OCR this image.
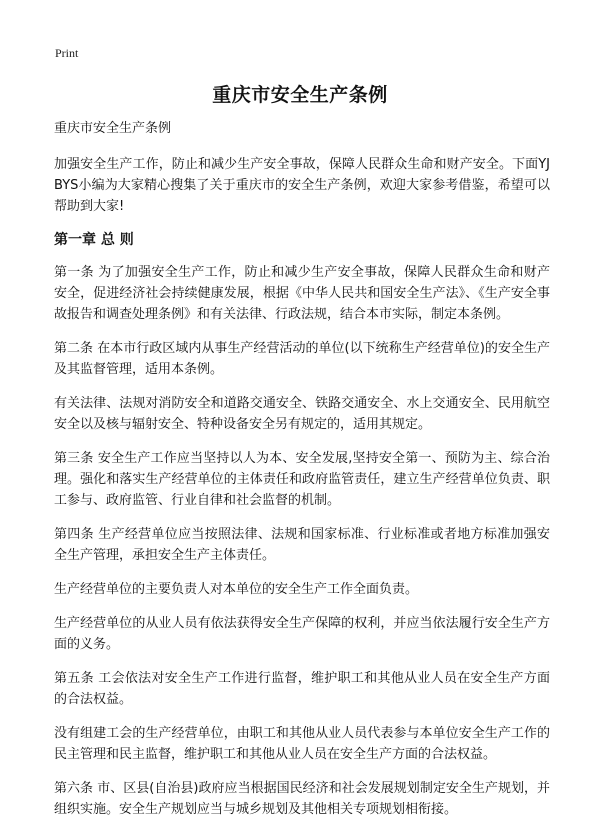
Print
重庆市安全生产条例

重庆市安全生产条例

加强安全生产工作，防止和减少生产安全事故，保障人民群众生命和财产安全。下面YJBYS小编为大家精心搜集了关于重庆市的安全生产条例，欢迎大家参考借鉴，希望可以帮助到大家!

第一章 总 则

第一条 为了加强安全生产工作，防止和减少生产安全事故，保障人民群众生命和财产安全，促进经济社会持续健康发展，根据《中华人民共和国安全生产法》、《生产安全事故报告和调查处理条例》和有关法律、行政法规，结合本市实际，制定本条例。

第二条 在本市行政区域内从事生产经营活动的单位(以下统称生产经营单位)的安全生产及其监督管理，适用本条例。

有关法律、法规对消防安全和道路交通安全、铁路交通安全、水上交通安全、民用航空安全以及核与辐射安全、特种设备安全另有规定的，适用其规定。

第三条 安全生产工作应当坚持以人为本、安全发展,坚持安全第一、预防为主、综合治理。强化和落实生产经营单位的主体责任和政府监管责任，建立生产经营单位负责、职工参与、政府监管、行业自律和社会监督的机制。

第四条 生产经营单位应当按照法律、法规和国家标准、行业标准或者地方标准加强安全生产管理，承担安全生产主体责任。

生产经营单位的主要负责人对本单位的安全生产工作全面负责。

生产经营单位的从业人员有依法获得安全生产保障的权利，并应当依法履行安全生产方面的义务。

第五条 工会依法对安全生产工作进行监督，维护职工和其他从业人员在安全生产方面的合法权益。

没有组建工会的生产经营单位，由职工和其他从业人员代表参与本单位安全生产工作的民主管理和民主监督，维护职工和其他从业人员在安全生产方面的合法权益。

第六条 市、区县(自治县)政府应当根据国民经济和社会发展规划制定安全生产规划，并组织实施。安全生产规划应当与城乡规划及其他相关专项规划相衔接。
